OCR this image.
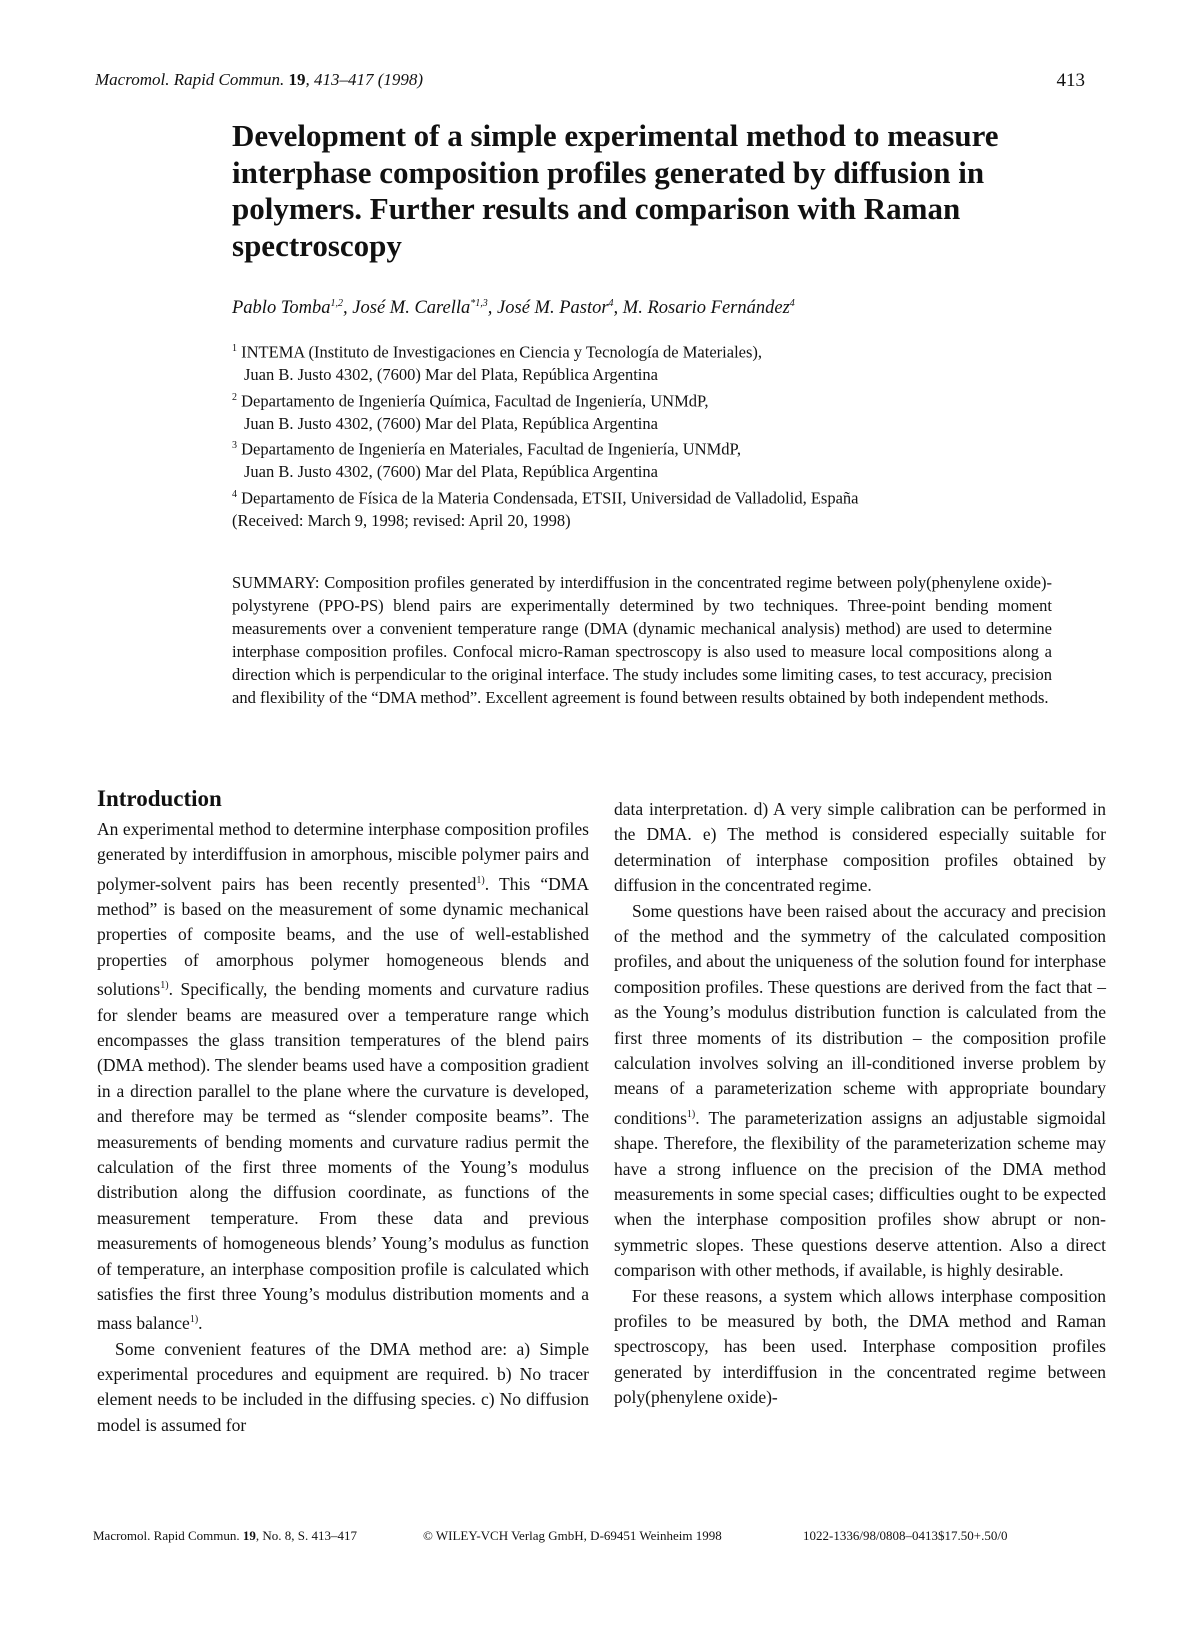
Macromol. Rapid Commun. 19, 413–417 (1998)	413
Development of a simple experimental method to measure interphase composition profiles generated by diffusion in polymers. Further results and comparison with Raman spectroscopy
Pablo Tomba$^{1,2}$, José M. Carella$^{*1,3}$, José M. Pastor$^4$, M. Rosario Fernández$^4$
$^1$ INTEMA (Instituto de Investigaciones en Ciencia y Tecnología de Materiales),
Juan B. Justo 4302, (7600) Mar del Plata, República Argentina
$^2$ Departamento de Ingeniería Química, Facultad de Ingeniería, UNMdP,
Juan B. Justo 4302, (7600) Mar del Plata, República Argentina
$^3$ Departamento de Ingeniería en Materiales, Facultad de Ingeniería, UNMdP,
Juan B. Justo 4302, (7600) Mar del Plata, República Argentina
$^4$ Departamento de Física de la Materia Condensada, ETSII, Universidad de Valladolid, España
(Received: March 9, 1998; revised: April 20, 1998)
SUMMARY: Composition profiles generated by interdiffusion in the concentrated regime between poly(phenylene oxide)-polystyrene (PPO-PS) blend pairs are experimentally determined by two techniques. Three-point bending moment measurements over a convenient temperature range (DMA (dynamic mechanical analysis) method) are used to determine interphase composition profiles. Confocal micro-Raman spectroscopy is also used to measure local compositions along a direction which is perpendicular to the original interface. The study includes some limiting cases, to test accuracy, precision and flexibility of the “DMA method”. Excellent agreement is found between results obtained by both independent methods.
Introduction

An experimental method to determine interphase composition profiles generated by interdiffusion in amorphous, miscible polymer pairs and polymer-solvent pairs has been recently presented$^{1)}$. This “DMA method” is based on the measurement of some dynamic mechanical properties of composite beams, and the use of well-established properties of amorphous polymer homogeneous blends and solutions$^{1)}$. Specifically, the bending moments and curvature radius for slender beams are measured over a temperature range which encompasses the glass transition temperatures of the blend pairs (DMA method). The slender beams used have a composition gradient in a direction parallel to the plane where the curvature is developed, and therefore may be termed as “slender composite beams”. The measurements of bending moments and curvature radius permit the calculation of the first three moments of the Young’s modulus distribution along the diffusion coordinate, as functions of the measurement temperature. From these data and previous measurements of homogeneous blends’ Young’s modulus as function of temperature, an interphase composition profile is calculated which satisfies the first three Young’s modulus distribution moments and a mass balance$^{1)}$.

Some convenient features of the DMA method are: a) Simple experimental procedures and equipment are required. b) No tracer element needs to be included in the diffusing species. c) No diffusion model is assumed for

data interpretation. d) A very simple calibration can be performed in the DMA. e) The method is considered especially suitable for determination of interphase composition profiles obtained by diffusion in the concentrated regime.

Some questions have been raised about the accuracy and precision of the method and the symmetry of the calculated composition profiles, and about the uniqueness of the solution found for interphase composition profiles. These questions are derived from the fact that – as the Young’s modulus distribution function is calculated from the first three moments of its distribution – the composition profile calculation involves solving an ill-conditioned inverse problem by means of a parameterization scheme with appropriate boundary conditions$^{1)}$. The parameterization assigns an adjustable sigmoidal shape. Therefore, the flexibility of the parameterization scheme may have a strong influence on the precision of the DMA method measurements in some special cases; difficulties ought to be expected when the interphase composition profiles show abrupt or non-symmetric slopes. These questions deserve attention. Also a direct comparison with other methods, if available, is highly desirable.

For these reasons, a system which allows interphase composition profiles to be measured by both, the DMA method and Raman spectroscopy, has been used. Interphase composition profiles generated by interdiffusion in the concentrated regime between poly(phenylene oxide)-

Macromol. Rapid Commun. 19, No. 8, S. 413–417	© WILEY-VCH Verlag GmbH, D-69451 Weinheim 1998	1022-1336/98/0808–0413$17.50+.50/0
